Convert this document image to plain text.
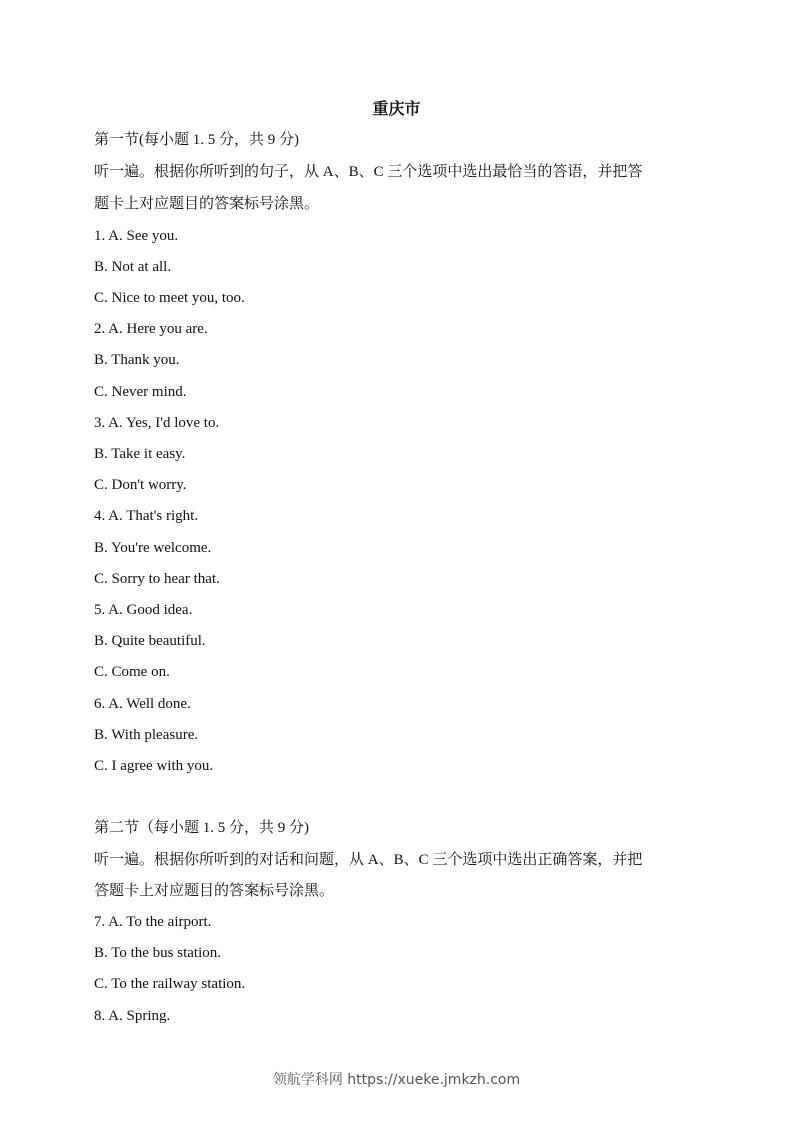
重庆市
第一节(每小题 1. 5 分，共 9 分)
听一遍。根据你所听到的句子，从 A、B、C 三个选项中选出最恰当的答语，并把答
题卡上对应题目的答案标号涂黑。
1. A. See you.
B. Not at all.
C. Nice to meet you, too.
2. A. Here you are.
B. Thank you.
C. Never mind.
3. A. Yes, I'd love to.
B. Take it easy.
C. Don't worry.
4. A. That's right.
B. You're welcome.
C. Sorry to hear that.
5. A. Good idea.
B. Quite beautiful.
C. Come on.
6. A. Well done.
B. With pleasure.
C. I agree with you.
第二节（每小题 1. 5 分，共 9 分)
听一遍。根据你所听到的对话和问题，从 A、B、C 三个选项中选出正确答案，并把
答题卡上对应题目的答案标号涂黑。
7. A. To the airport.
B. To the bus station.
C. To the railway station.
8. A. Spring.
领航学科网 https://xueke.jmkzh.com
